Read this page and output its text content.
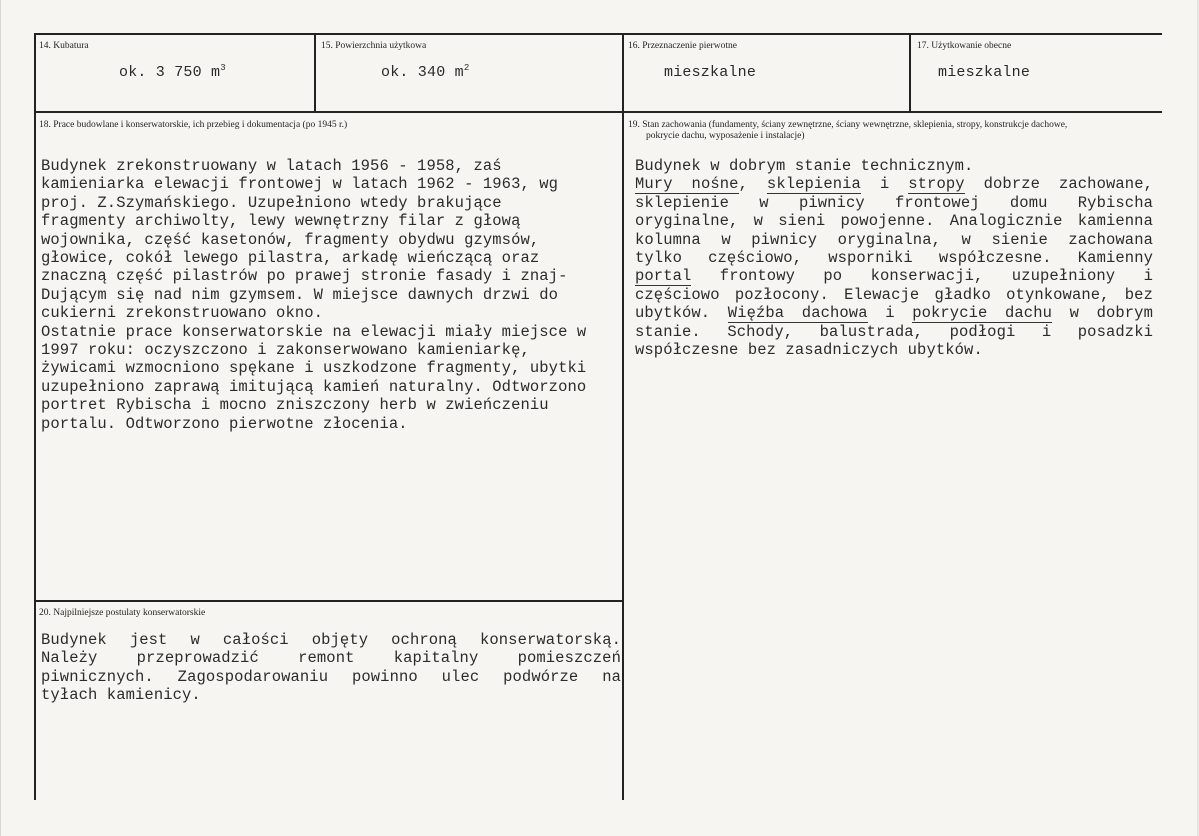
14. Kubatura
ok. 3 750 $m^3$
15. Powierzchnia użytkowa
ok. 340 $m^2$
16. Przeznaczenie pierwotne
mieszkalne
17. Użytkowanie obecne
mieszkalne
18. Prace budowlane i konserwatorskie, ich przebieg i dokumentacja (po 1945 r.)
Budynek zrekonstruowany w latach 1956 - 1958, zaś
kamieniarka elewacji frontowej w latach 1962 - 1963, wg
proj. Z.Szymańskiego. Uzupełniono wtedy brakujące
fragmenty archiwolty, lewy wewnętrzny filar z głową
wojownika, część kasetonów, fragmenty obydwu gzymsów,
głowice, cokół lewego pilastra, arkadę wieńczącą oraz
znaczną część pilastrów po prawej stronie fasady i znaj-
Dującym się nad nim gzymsem. W miejsce dawnych drzwi do
cukierni zrekonstruowano okno.
Ostatnie prace konserwatorskie na elewacji miały miejsce w
1997 roku: oczyszczono i zakonserwowano kamieniarkę,
żywicami wzmocniono spękane i uszkodzone fragmenty, ubytki
uzupełniono zaprawą imitującą kamień naturalny. Odtworzono
portret Rybischa i mocno zniszczony herb w zwieńczeniu
portalu. Odtworzono pierwotne złocenia.
19. Stan zachowania (fundamenty, ściany zewnętrzne, ściany wewnętrzne, sklepienia, stropy, konstrukcje dachowe,
pokrycie dachu, wyposażenie i instalacje)
Budynek w dobrym stanie technicznym.
Mury nośne, sklepienia i stropy dobrze zachowane,
sklepienie w piwnicy frontowej domu Rybischa
oryginalne, w sieni powojenne. Analogicznie kamienna
kolumna w piwnicy oryginalna, w sienie zachowana
tylko częściowo, wsporniki współczesne. Kamienny
portal frontowy po konserwacji, uzupełniony i
częściowo pozłocony. Elewacje gładko otynkowane, bez
ubytków. Więźba dachowa i pokrycie dachu w dobrym
stanie. Schody, balustrada, podłogi i posadzki
współczesne bez zasadniczych ubytków.
20. Najpilniejsze postulaty konserwatorskie
Budynek jest w całości objęty ochroną konserwatorską.
Należy przeprowadzić remont kapitalny pomieszczeń
piwnicznych. Zagospodarowaniu powinno ulec podwórze na
tyłach kamienicy.
